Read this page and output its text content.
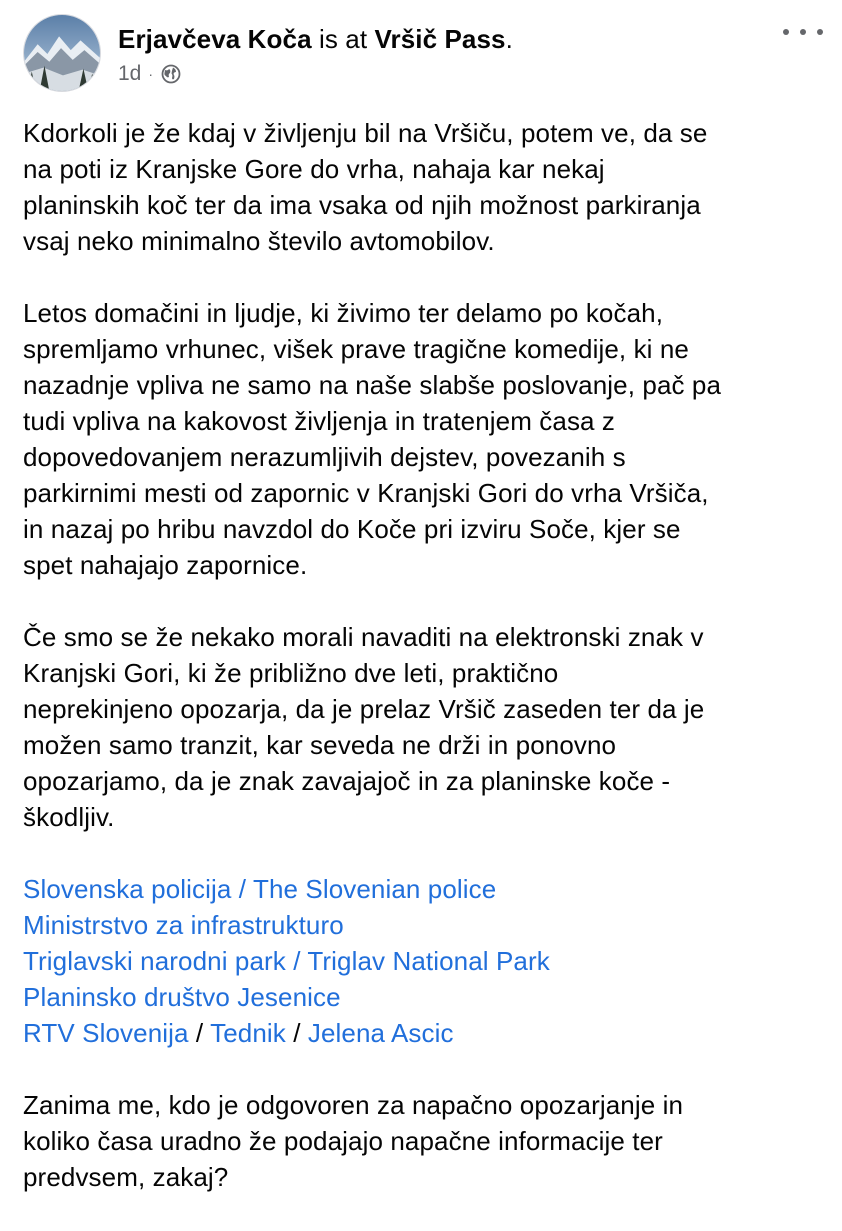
Erjavčeva Koča is at Vršič Pass.
1d ·
Kdorkoli je že kdaj v življenju bil na Vršiču, potem ve, da se
na poti iz Kranjske Gore do vrha, nahaja kar nekaj
planinskih koč ter da ima vsaka od njih možnost parkiranja
vsaj neko minimalno število avtomobilov.
Letos domačini in ljudje, ki živimo ter delamo po kočah,
spremljamo vrhunec, višek prave tragične komedije, ki ne
nazadnje vpliva ne samo na naše slabše poslovanje, pač pa
tudi vpliva na kakovost življenja in tratenjem časa z
dopovedovanjem nerazumljivih dejstev, povezanih s
parkirnimi mesti od zapornic v Kranjski Gori do vrha Vršiča,
in nazaj po hribu navzdol do Koče pri izviru Soče, kjer se
spet nahajajo zapornice.
Če smo se že nekako morali navaditi na elektronski znak v
Kranjski Gori, ki že približno dve leti, praktično
neprekinjeno opozarja, da je prelaz Vršič zaseden ter da je
možen samo tranzit, kar seveda ne drži in ponovno
opozarjamo, da je znak zavajajoč in za planinske koče -
škodljiv.
Slovenska policija / The Slovenian police
Ministrstvo za infrastrukturo
Triglavski narodni park / Triglav National Park
Planinsko društvo Jesenice
RTV Slovenija / Tednik / Jelena Ascic
Zanima me, kdo je odgovoren za napačno opozarjanje in
koliko časa uradno že podajajo napačne informacije ter
predvsem, zakaj?
